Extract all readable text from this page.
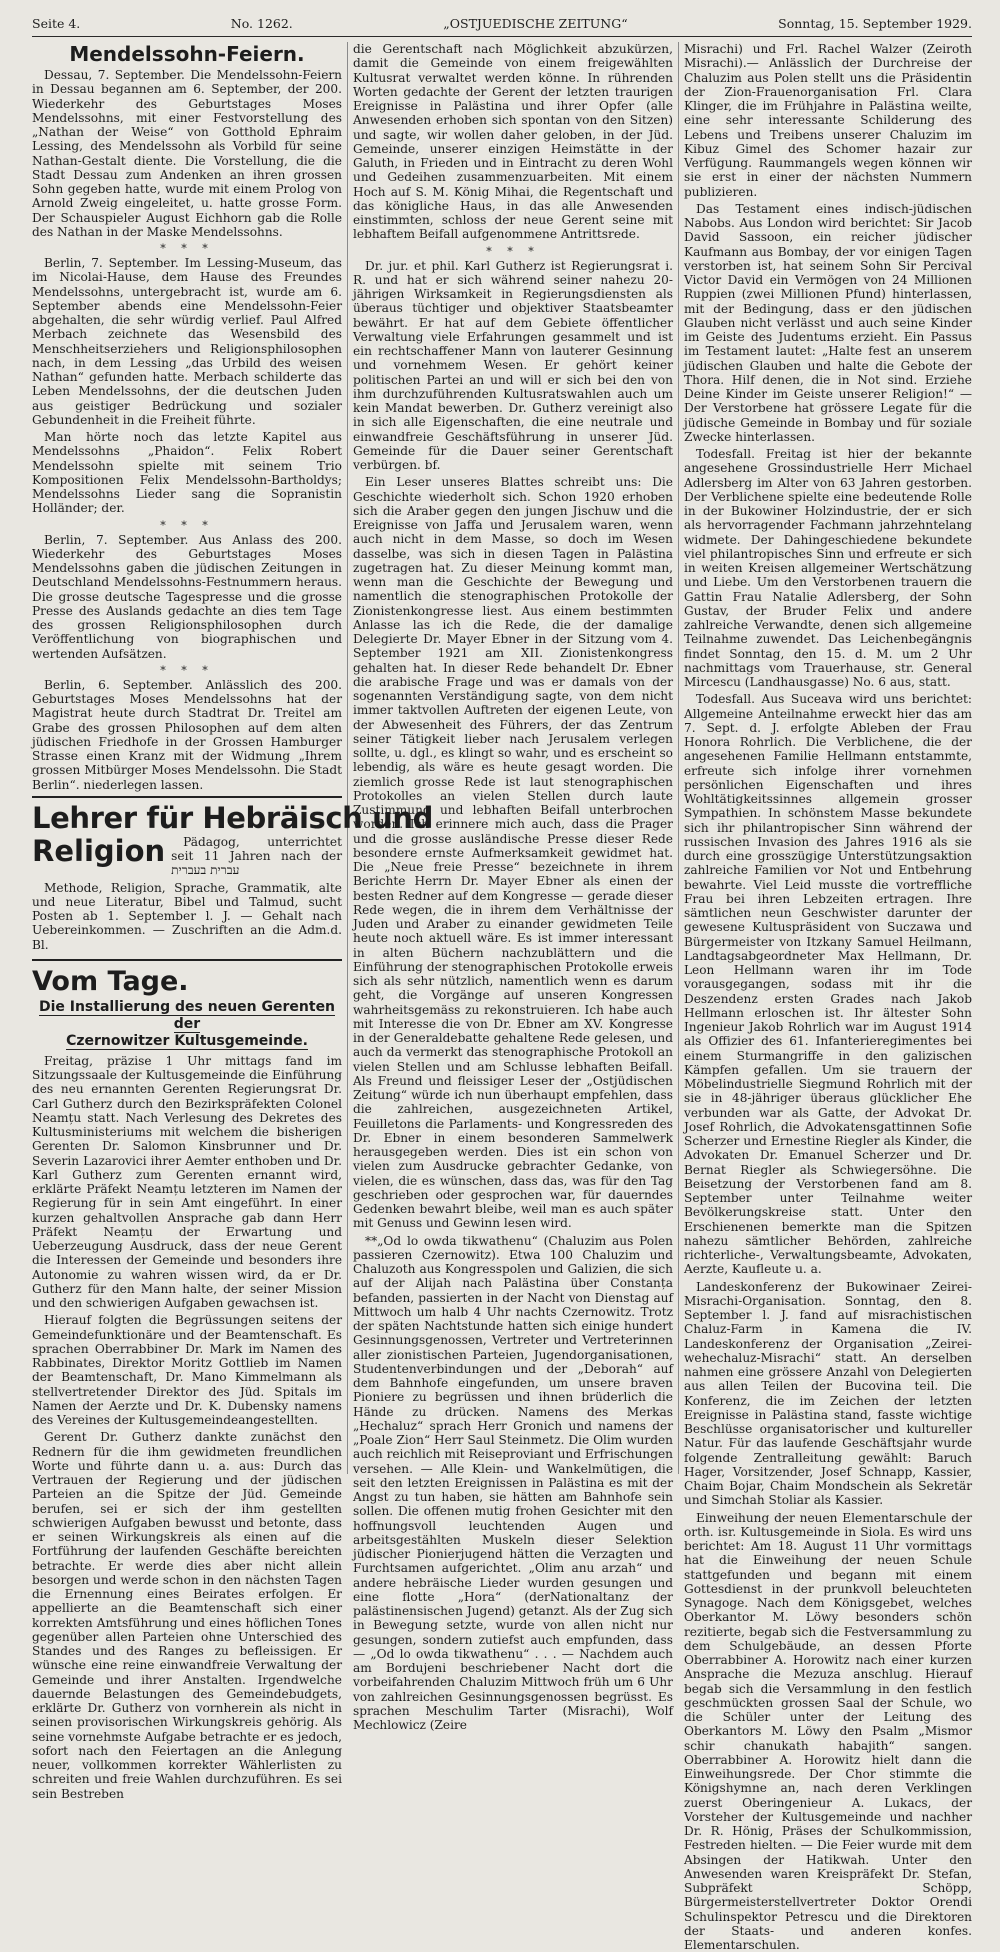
Seite 4.	No. 1262.	„OSTJUEDISCHE ZEITUNG“	Sonntag, 15. September 1929.
Mendelssohn-Feiern.

Dessau, 7. September. Die Mendelssohn-Feiern in Dessau begannen am 6. September, der 200. Wiederkehr des Geburtstages Moses Mendelssohns, mit einer Festvorstellung des „Nathan der Weise“ von Gotthold Ephraim Lessing, des Mendelssohn als Vorbild für seine Nathan-Gestalt diente. Die Vorstellung, die die Stadt Dessau zum Andenken an ihren grossen Sohn gegeben hatte, wurde mit einem Prolog von Arnold Zweig eingeleitet, u. hatte grosse Form. Der Schauspieler August Eichhorn gab die Rolle des Nathan in der Maske Mendelssohns.

* * *

Berlin, 7. September. Im Lessing-Museum, das im Nicolai-Hause, dem Hause des Freundes Mendelssohns, untergebracht ist, wurde am 6. September abends eine Mendelssohn-Feier abgehalten, die sehr würdig verlief. Paul Alfred Merbach zeichnete das Wesensbild des Menschheitserziehers und Religionsphilosophen nach, in dem Lessing „das Urbild des weisen Nathan“ gefunden hatte. Merbach schilderte das Leben Mendelssohns, der die deutschen Juden aus geistiger Bedrückung und sozialer Gebundenheit in die Freiheit führte.

Man hörte noch das letzte Kapitel aus Mendelssohns „Phaidon“. Felix Robert Mendelssohn spielte mit seinem Trio Kompositionen Felix Mendelssohn-Bartholdys; Mendelssohns Lieder sang die Sopranistin Holländer; der.

* * *

Berlin, 7. September. Aus Anlass des 200. Wiederkehr des Geburtstages Moses Mendelssohns gaben die jüdischen Zeitungen in Deutschland Mendelssohns-Festnummern heraus. Die grosse deutsche Tagespresse und die grosse Presse des Auslands gedachte an dies tem Tage des grossen Religionsphilosophen durch Veröffentlichung von biographischen und wertenden Aufsätzen.

* * *

Berlin, 6. September. Anlässlich des 200. Geburtstages Moses Mendelssohns hat der Magistrat heute durch Stadtrat Dr. Treitel am Grabe des grossen Philosophen auf dem alten jüdischen Friedhofe in der Grossen Hamburger Strasse einen Kranz mit der Widmung „Ihrem grossen Mitbürger Moses Mendelssohn. Die Stadt Berlin“. niederlegen lassen.

Lehrer für Hebräisch und
Religion	Pädagog, unterrichtet seit 11 Jahren nach der עברית בעברית

Methode, Religion, Sprache, Grammatik, alte und neue Literatur, Bibel und Talmud, sucht Posten ab 1. September l. J. — Gehalt nach Uebereinkommen. — Zuschriften an die Adm.d. Bl.

Vom Tage.
Die Installierung des neuen Gerenten der
Czernowitzer Kultusgemeinde.

Freitag, präzise 1 Uhr mittags fand im Sitzungssaale der Kultusgemeinde die Einführung des neu ernannten Gerenten Regierungsrat Dr. Carl Gutherz durch den Bezirkspräfekten Colonel Neamțu statt. Nach Verlesung des Dekretes des Kultusministeriums mit welchem die bisherigen Gerenten Dr. Salomon Kinsbrunner und Dr. Severin Lazarovici ihrer Aemter enthoben und Dr. Karl Gutherz zum Gerenten ernannt wird, erklärte Präfekt Neamțu letzteren im Namen der Regierung für in sein Amt eingeführt. In einer kurzen gehaltvollen Ansprache gab dann Herr Präfekt Neamțu der Erwartung und Ueberzeugung Ausdruck, dass der neue Gerent die Interessen der Gemeinde und besonders ihre Autonomie zu wahren wissen wird, da er Dr. Gutherz für den Mann halte, der seiner Mission und den schwierigen Aufgaben gewachsen ist.

Hierauf folgten die Begrüssungen seitens der Gemeindefunktionäre und der Beamtenschaft. Es sprachen Oberrabbiner Dr. Mark im Namen des Rabbinates, Direktor Moritz Gottlieb im Namen der Beamtenschaft, Dr. Mano Kimmelmann als stellvertretender Direktor des Jüd. Spitals im Namen der Aerzte und Dr. K. Dubensky namens des Vereines der Kultusgemeindeangestellten.

Gerent Dr. Gutherz dankte zunächst den Rednern für die ihm gewidmeten freundlichen Worte und führte dann u. a. aus: Durch das Vertrauen der Regierung und der jüdischen Parteien an die Spitze der Jüd. Gemeinde berufen, sei er sich der ihm gestellten schwierigen Aufgaben bewusst und betonte, dass er seinen Wirkungskreis als einen auf die Fortführung der laufenden Geschäfte bereichten betrachte. Er werde dies aber nicht allein besorgen und werde schon in den nächsten Tagen die Ernennung eines Beirates erfolgen. Er appellierte an die Beamtenschaft sich einer korrekten Amtsführung und eines höflichen Tones gegenüber allen Parteien ohne Unterschied des Standes und des Ranges zu befleissigen. Er wünsche eine reine einwandfreie Verwaltung der Gemeinde und ihrer Anstalten. Irgendwelche dauernde Belastungen des Gemeindebudgets, erklärte Dr. Gutherz von vornherein als nicht in seinen provisorischen Wirkungskreis gehörig. Als seine vornehmste Aufgabe betrachte er es jedoch, sofort nach den Feiertagen an die Anlegung neuer, vollkommen korrekter Wählerlisten zu schreiten und freie Wahlen durchzuführen. Es sei sein Bestreben

die Gerentschaft nach Möglichkeit abzukürzen, damit die Gemeinde von einem freigewählten Kultusrat verwaltet werden könne. In rührenden Worten gedachte der Gerent der letzten traurigen Ereignisse in Palästina und ihrer Opfer (alle Anwesenden erhoben sich spontan von den Sitzen) und sagte, wir wollen daher geloben, in der Jüd. Gemeinde, unserer einzigen Heimstätte in der Galuth, in Frieden und in Eintracht zu deren Wohl und Gedeihen zusammenzuarbeiten. Mit einem Hoch auf S. M. König Mihai, die Regentschaft und das königliche Haus, in das alle Anwesenden einstimmten, schloss der neue Gerent seine mit lebhaftem Beifall aufgenommene Antrittsrede.

* * *

Dr. jur. et phil. Karl Gutherz ist Regierungsrat i. R. und hat er sich während seiner nahezu 20-jährigen Wirksamkeit in Regierungsdiensten als überaus tüchtiger und objektiver Staatsbeamter bewährt. Er hat auf dem Gebiete öffentlicher Verwaltung viele Erfahrungen gesammelt und ist ein rechtschaffener Mann von lauterer Gesinnung und vornehmem Wesen. Er gehört keiner politischen Partei an und will er sich bei den von ihm durchzuführenden Kultusratswahlen auch um kein Mandat bewerben. Dr. Gutherz vereinigt also in sich alle Eigenschaften, die eine neutrale und einwandfreie Geschäftsführung in unserer Jüd. Gemeinde für die Dauer seiner Gerentschaft verbürgen. bf.

Ein Leser unseres Blattes schreibt uns: Die Geschichte wiederholt sich. Schon 1920 erhoben sich die Araber gegen den jungen Jischuw und die Ereignisse von Jaffa und Jerusalem waren, wenn auch nicht in dem Masse, so doch im Wesen dasselbe, was sich in diesen Tagen in Palästina zugetragen hat. Zu dieser Meinung kommt man, wenn man die Geschichte der Bewegung und namentlich die stenographischen Protokolle der Zionistenkongresse liest. Aus einem bestimmten Anlasse las ich die Rede, die der damalige Delegierte Dr. Mayer Ebner in der Sitzung vom 4. September 1921 am XII. Zionistenkongress gehalten hat. In dieser Rede behandelt Dr. Ebner die arabische Frage und was er damals von der sogenannten Verständigung sagte, von dem nicht immer taktvollen Auftreten der eigenen Leute, von der Abwesenheit des Führers, der das Zentrum seiner Tätigkeit lieber nach Jerusalem verlegen sollte, u. dgl., es klingt so wahr, und es erscheint so lebendig, als wäre es heute gesagt worden. Die ziemlich grosse Rede ist laut stenographischen Protokolles an vielen Stellen durch laute Zustimmung und lebhaften Beifall unterbrochen worden. Ich erinnere mich auch, dass die Prager und die grosse ausländische Presse dieser Rede besondere ernste Aufmerksamkeit gewidmet hat. Die „Neue freie Presse“ bezeichnete in ihrem Berichte Herrn Dr. Mayer Ebner als einen der besten Redner auf dem Kongresse — gerade dieser Rede wegen, die in ihrem dem Verhältnisse der Juden und Araber zu einander gewidmeten Teile heute noch aktuell wäre. Es ist immer interessant in alten Büchern nachzublättern und die Einführung der stenographischen Protokolle erweis sich als sehr nützlich, namentlich wenn es darum geht, die Vorgänge auf unseren Kongressen wahrheitsgemäss zu rekonstruieren. Ich habe auch mit Interesse die von Dr. Ebner am XV. Kongresse in der Generaldebatte gehaltene Rede gelesen, und auch da vermerkt das stenographische Protokoll an vielen Stellen und am Schlusse lebhaften Beifall. Als Freund und fleissiger Leser der „Ostjüdischen Zeitung“ würde ich nun überhaupt empfehlen, dass die zahlreichen, ausgezeichneten Artikel, Feuilletons die Parlaments- und Kongressreden des Dr. Ebner in einem besonderen Sammelwerk herausgegeben werden. Dies ist ein schon von vielen zum Ausdrucke gebrachter Gedanke, von vielen, die es wünschen, dass das, was für den Tag geschrieben oder gesprochen war, für dauerndes Gedenken bewahrt bleibe, weil man es auch später mit Genuss und Gewinn lesen wird.

**„Od lo owda tikwathenu“ (Chaluzim aus Polen passieren Czernowitz). Etwa 100 Chaluzim und Chaluzoth aus Kongresspolen und Galizien, die sich auf der Alijah nach Palästina über Constanța befanden, passierten in der Nacht von Dienstag auf Mittwoch um halb 4 Uhr nachts Czernowitz. Trotz der späten Nachtstunde hatten sich einige hundert Gesinnungsgenossen, Vertreter und Vertreterinnen aller zionistischen Parteien, Jugendorganisationen, Studentenverbindungen und der „Deborah“ auf dem Bahnhofe eingefunden, um unsere braven Pioniere zu begrüssen und ihnen brüderlich die Hände zu drücken. Namens des Merkas „Hechaluz“ sprach Herr Gronich und namens der „Poale Zion“ Herr Saul Steinmetz. Die Olim wurden auch reichlich mit Reiseproviant und Erfrischungen versehen. — Alle Klein- und Wankelmütigen, die seit den letzten Ereignissen in Palästina es mit der Angst zu tun haben, sie hätten am Bahnhofe sein sollen. Die offenen mutig frohen Gesichter mit den hoffnungsvoll leuchtenden Augen und arbeitsgestählten Muskeln dieser Selektion jüdischer Pionierjugend hätten die Verzagten und Furchtsamen aufgerichtet. „Olim anu arzah“ und andere hebräische Lieder wurden gesungen und eine flotte „Hora“ (derNationaltanz der palästinensischen Jugend) getanzt. Als der Zug sich in Bewegung setzte, wurde von allen nicht nur gesungen, sondern zutiefst auch empfunden, dass — „Od lo owda tikwathenu“ . . . — Nachdem auch am Bordujeni beschriebener Nacht dort die vorbeifahrenden Chaluzim Mittwoch früh um 6 Uhr von zahlreichen Gesinnungsgenossen begrüsst. Es sprachen Meschulim Tarter (Misrachi), Wolf Mechlowicz (Zeire

Misrachi) und Frl. Rachel Walzer (Zeiroth Misrachi).— Anlässlich der Durchreise der Chaluzim aus Polen stellt uns die Präsidentin der Zion-Frauenorganisation Frl. Clara Klinger, die im Frühjahre in Palästina weilte, eine sehr interessante Schilderung des Lebens und Treibens unserer Chaluzim im Kibuz Gimel des Schomer hazair zur Verfügung. Raummangels wegen können wir sie erst in einer der nächsten Nummern publizieren.

Das Testament eines indisch-jüdischen Nabobs. Aus London wird berichtet: Sir Jacob David Sassoon, ein reicher jüdischer Kaufmann aus Bombay, der vor einigen Tagen verstorben ist, hat seinem Sohn Sir Percival Victor David ein Vermögen von 24 Millionen Ruppien (zwei Millionen Pfund) hinterlassen, mit der Bedingung, dass er den jüdischen Glauben nicht verlässt und auch seine Kinder im Geiste des Judentums erzieht. Ein Passus im Testament lautet: „Halte fest an unserem jüdischen Glauben und halte die Gebote der Thora. Hilf denen, die in Not sind. Erziehe Deine Kinder im Geiste unserer Religion!“ — Der Verstorbene hat grössere Legate für die jüdische Gemeinde in Bombay und für soziale Zwecke hinterlassen.

Todesfall. Freitag ist hier der bekannte angesehene Grossindustrielle Herr Michael Adlersberg im Alter von 63 Jahren gestorben. Der Verblichene spielte eine bedeutende Rolle in der Bukowiner Holzindustrie, der er sich als hervorragender Fachmann jahrzehntelang widmete. Der Dahingeschiedene bekundete viel philantropisches Sinn und erfreute er sich in weiten Kreisen allgemeiner Wertschätzung und Liebe. Um den Verstorbenen trauern die Gattin Frau Natalie Adlersberg, der Sohn Gustav, der Bruder Felix und andere zahlreiche Verwandte, denen sich allgemeine Teilnahme zuwendet. Das Leichenbegängnis findet Sonntag, den 15. d. M. um 2 Uhr nachmittags vom Trauerhause, str. General Mircescu (Landhausgasse) No. 6 aus, statt.

Todesfall. Aus Suceava wird uns berichtet: Allgemeine Anteilnahme erweckt hier das am 7. Sept. d. J. erfolgte Ableben der Frau Honora Rohrlich. Die Verblichene, die der angesehenen Familie Hellmann entstammte, erfreute sich infolge ihrer vornehmen persönlichen Eigenschaften und ihres Wohltätigkeitssinnes allgemein grosser Sympathien. In schönstem Masse bekundete sich ihr philantropischer Sinn während der russischen Invasion des Jahres 1916 als sie durch eine grosszügige Unterstützungsaktion zahlreiche Familien vor Not und Entbehrung bewahrte. Viel Leid musste die vortreffliche Frau bei ihren Lebzeiten ertragen. Ihre sämtlichen neun Geschwister darunter der gewesene Kultuspräsident von Suczawa und Bürgermeister von Itzkany Samuel Heilmann, Landtagsabgeordneter Max Hellmann, Dr. Leon Hellmann waren ihr im Tode vorausgegangen, sodass mit ihr die Deszendenz ersten Grades nach Jakob Hellmann erloschen ist. Ihr ältester Sohn Ingenieur Jakob Rohrlich war im August 1914 als Offizier des 61. Infanterieregimentes bei einem Sturmangriffe in den galizischen Kämpfen gefallen. Um sie trauern der Möbelindustrielle Siegmund Rohrlich mit der sie in 48-jähriger überaus glücklicher Ehe verbunden war als Gatte, der Advokat Dr. Josef Rohrlich, die Advokatensgattinnen Sofie Scherzer und Ernestine Riegler als Kinder, die Advokaten Dr. Emanuel Scherzer und Dr. Bernat Riegler als Schwiegersöhne. Die Beisetzung der Verstorbenen fand am 8. September unter Teilnahme weiter Bevölkerungskreise statt. Unter den Erschienenen bemerkte man die Spitzen nahezu sämtlicher Behörden, zahlreiche richterliche-, Verwaltungsbeamte, Advokaten, Aerzte, Kaufleute u. a.

Landeskonferenz der Bukowinaer Zeirei-Misrachi-Organisation. Sonntag, den 8. September l. J. fand auf misrachistischen Chaluz-Farm in Kamena die IV. Landeskonferenz der Organisation „Zeirei-wehechaluz-Misrachi“ statt. An derselben nahmen eine grössere Anzahl von Delegierten aus allen Teilen der Bucovina teil. Die Konferenz, die im Zeichen der letzten Ereignisse in Palästina stand, fasste wichtige Beschlüsse organisatorischer und kultureller Natur. Für das laufende Geschäftsjahr wurde folgende Zentralleitung gewählt: Baruch Hager, Vorsitzender, Josef Schnapp, Kassier, Chaim Bojar, Chaim Mondschein als Sekretär und Simchah Stoliar als Kassier.

Einweihung der neuen Elementarschule der orth. isr. Kultusgemeinde in Siola. Es wird uns berichtet: Am 18. August 11 Uhr vormittags hat die Einweihung der neuen Schule stattgefunden und begann mit einem Gottesdienst in der prunkvoll beleuchteten Synagoge. Nach dem Königsgebet, welches Oberkantor M. Löwy besonders schön rezitierte, begab sich die Festversammlung zu dem Schulgebäude, an dessen Pforte Oberrabbiner A. Horowitz nach einer kurzen Ansprache die Mezuza anschlug. Hierauf begab sich die Versammlung in den festlich geschmückten grossen Saal der Schule, wo die Schüler unter der Leitung des Oberkantors M. Löwy den Psalm „Mismor schir chanukath habajith“ sangen. Oberrabbiner A. Horowitz hielt dann die Einweihungsrede. Der Chor stimmte die Königshymne an, nach deren Verklingen zuerst Oberingenieur A. Lukacs, der Vorsteher der Kultusgemeinde und nachher Dr. R. Hönig, Präses der Schulkommission, Festreden hielten. — Die Feier wurde mit dem Absingen der Hatikwah. Unter den Anwesenden waren Kreispräfekt Dr. Stefan, Subpräfekt Schöpp, Bürgermeisterstellvertreter Doktor Orendi Schulinspektor Petrescu und die Direktoren der Staats- und anderen konfes. Elementarschulen.
